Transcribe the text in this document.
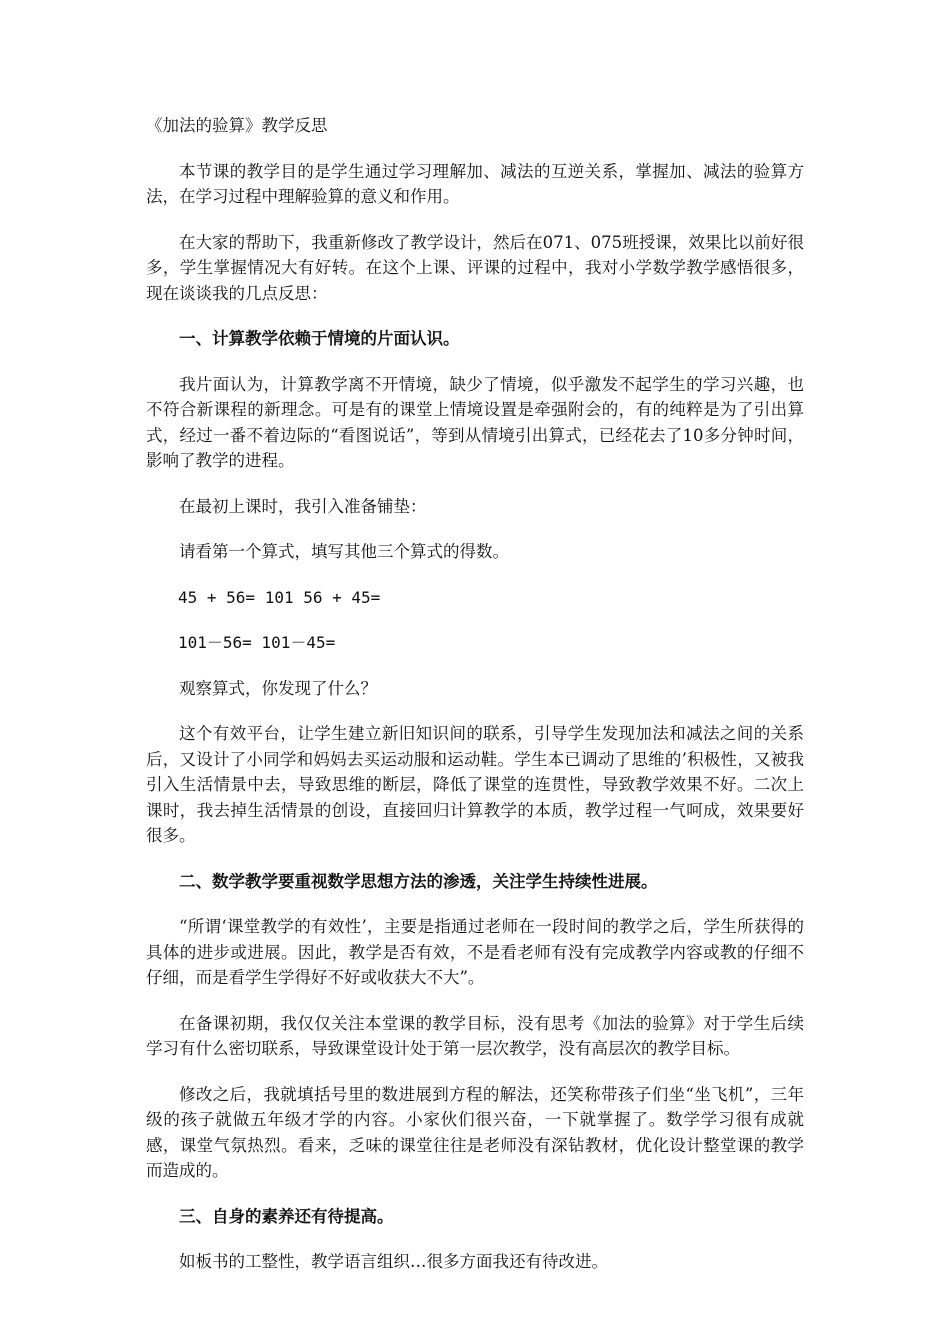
《加法的验算》教学反思

本节课的教学目的是学生通过学习理解加、减法的互逆关系，掌握加、减法的验算方法，在学习过程中理解验算的意义和作用。

在大家的帮助下，我重新修改了教学设计，然后在071、075班授课，效果比以前好很多，学生掌握情况大有好转。在这个上课、评课的过程中，我对小学数学教学感悟很多，现在谈谈我的几点反思：

一、计算教学依赖于情境的片面认识。

我片面认为，计算教学离不开情境，缺少了情境，似乎激发不起学生的学习兴趣，也不符合新课程的新理念。可是有的课堂上情境设置是牵强附会的，有的纯粹是为了引出算式，经过一番不着边际的“看图说话”，等到从情境引出算式，已经花去了10多分钟时间，影响了教学的进程。

在最初上课时，我引入准备铺垫：

请看第一个算式，填写其他三个算式的得数。

45 + 56= 101 56 + 45=

101－56= 101－45=

观察算式，你发现了什么？

这个有效平台，让学生建立新旧知识间的联系，引导学生发现加法和减法之间的关系后，又设计了小同学和妈妈去买运动服和运动鞋。学生本已调动了思维的’积极性，又被我引入生活情景中去，导致思维的断层，降低了课堂的连贯性，导致教学效果不好。二次上课时，我去掉生活情景的创设，直接回归计算教学的本质，教学过程一气呵成，效果要好很多。

二、数学教学要重视数学思想方法的渗透，关注学生持续性进展。

“所谓‘课堂教学的有效性’，主要是指通过老师在一段时间的教学之后，学生所获得的具体的进步或进展。因此，教学是否有效，不是看老师有没有完成教学内容或教的仔细不仔细，而是看学生学得好不好或收获大不大”。

在备课初期，我仅仅关注本堂课的教学目标，没有思考《加法的验算》对于学生后续学习有什么密切联系，导致课堂设计处于第一层次教学，没有高层次的教学目标。

修改之后，我就填括号里的数进展到方程的解法，还笑称带孩子们坐“坐飞机”，三年级的孩子就做五年级才学的内容。小家伙们很兴奋，一下就掌握了。数学学习很有成就感，课堂气氛热烈。看来，乏味的课堂往往是老师没有深钻教材，优化设计整堂课的教学而造成的。

三、自身的素养还有待提高。

如板书的工整性，教学语言组织…很多方面我还有待改进。
